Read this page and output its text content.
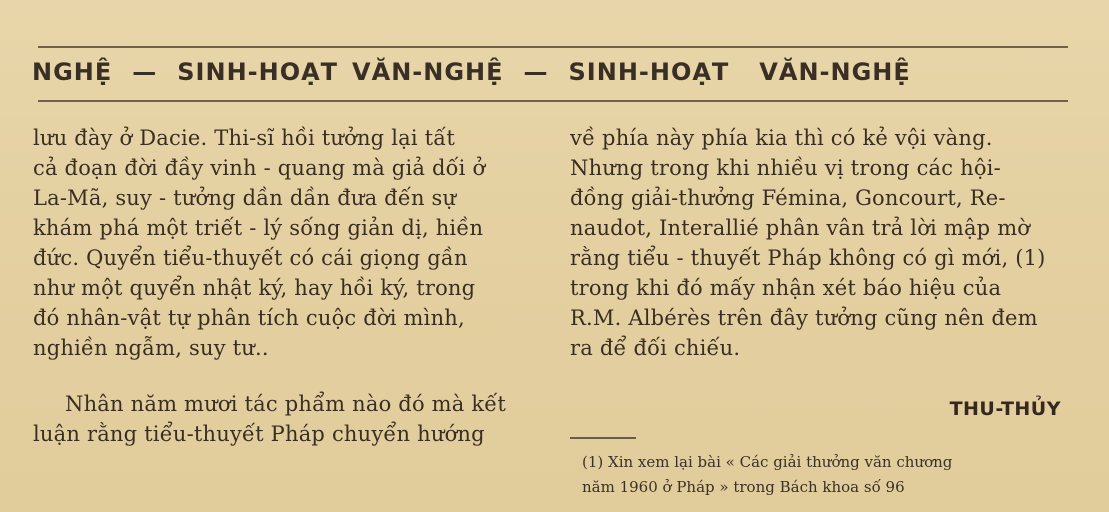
NGHỆ — SINH-HOẠT VĂN-NGHỆ — SINH-HOẠT VĂN-NGHỆ
lưu đày ở Dacie. Thi-sĩ hồi tưởng lại tất
cả đoạn đời đầy vinh - quang mà giả dối ở
La-Mã, suy - tưởng dần dần đưa đến sự
khám phá một triết - lý sống giản dị, hiền
đức. Quyển tiểu-thuyết có cái giọng gần
như một quyển nhật ký, hay hồi ký, trong
đó nhân-vật tự phân tích cuộc đời mình,
nghiền ngẫm, suy tư..
Nhân năm mươi tác phẩm nào đó mà kết
luận rằng tiểu-thuyết Pháp chuyển hướng
về phía này phía kia thì có kẻ vội vàng.
Nhưng trong khi nhiều vị trong các hội-
đồng giải-thưởng Fémina, Goncourt, Re-
naudot, Interallié phân vân trả lời mập mờ
rằng tiểu - thuyết Pháp không có gì mới, (1)
trong khi đó mấy nhận xét báo hiệu của
R.M. Albérès trên đây tưởng cũng nên đem
ra để đối chiếu.
THU-THỦY
(1) Xin xem lại bài « Các giải thưởng văn chương
năm 1960 ở Pháp » trong Bách khoa số 96
